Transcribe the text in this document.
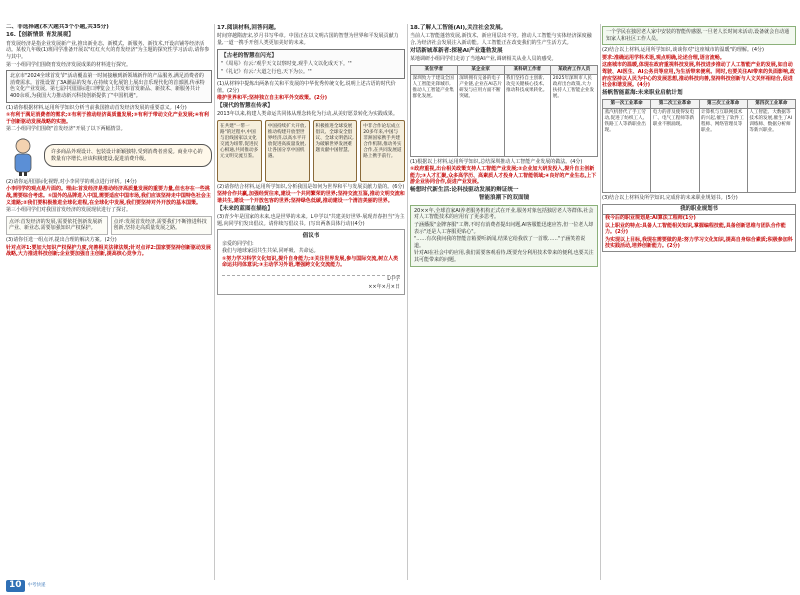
二、非选择题(本大题共3个小题,共35分)
16.【创新情景 育发展观】

育发展经济是指企业发展新产业,推出新业态、新模式、新服务、新技术,开设店铺等经济活动。某校九年级(1)班同学准备开展以"红红火火的育发经济"为主题的探究性学习活动,请你参与其中。

第一小组同学们围绕育发经济发展成果的材料进行探究。

北京市"2024全球首发节"活动覆盖第一时间接触到新领域新作的产品服务,满足消费者的消费需求。首批设置了3A潮品的发布,在持续文化展馆上展出音乐现代化的首部剧,传承特色文化产业发展。第七届中国国际进口博览会上共发布首发新品、新技术、新服务共计400余项,为我国大力推动新兴科技创新提供了"中国机遇"。

(1)请你根据材料,运用所学知识分析当前我国推动首发经济发展的重要意义。(4分)

①有利于满足消费者的需求;②有利于推动经济高质量发展;③有利于带动文化产业发展;④有利于创新驱动发展战略的实施。

第二小组同学们围绕"首发经济"开展了以下两幅情景。

许多商品外观设计、包装设计新颖独特,受到消费者喜爱。商业中心的数量有序增长,应该积极建设,促进消费升级。

(2)请你运用国际化视野,对小李同学的观点进行评析。(4分)

小李同学的观点是片面的。理由:首发经济是推动经济高质量发展的重要力量,但也存在一些挑战,需要综合考虑。①国外的品牌进入中国,需要适应中国市场,我们应该坚持走中国特色社会主义道路;②我们要积极推进全球化进程,在全球化中发展,我们要坚持对外开放的基本国策。

第三小组同学们对我国首发经济的发展现状进行了探讨。

点评:首发经济的发展,需要依托创新发展新产业、新业态,需要加强知识产权保护。
点评:发展首发经济,需要我们不断推进科技创新,坚持走高质量发展之路。

(3)请你任选一组点评,提出合理的解决方案。(2分)

针对点评1:要加大知识产权保护力度,完善相关法律法规;针对点评2:国家要坚持创新驱动发展战略,大力推进科技创新;企业要加强自主创新,提高核心竞争力。

17.阅读材料,回答问题。

时间穿越隋唐宋,岁月书写华章。中国正在以文明古国的智慧为世界和平发展贡献力量,一道一携手开创人类更加美好的未来。

【古老的智慧在闪光】

"《周易》有云:'观乎天文以察时变,观乎人文以化成天下。'"

"《礼记》有云:'大道之行也,天下为公。'"

(1)从材料中提炼出两条有关和平发展的中华优秀传统文化,说明上述古语的时代价值。(2分)

维护世界和平;坚持独立自主和平外交政策。(2分)

【现代的智慧在传承】

2013年以来,构建人类命运共同体从理念转化为行动,从美好愿景转化为实践成果。

在共建"一带一路"的过程中,中国与沿线国家以文化交流为纽带,促进民心相通,共同推动多元文明交流互鉴。
中国持续扩大开放,推动构建开放型世界经济,以高水平开放促进高质量发展,让各国分享中国机遇。
积极推进全球发展倡议、全球安全倡议、全球文明倡议,为破解世界发展难题贡献中国智慧。
中非合作论坛成立20多年来,中国与非洲国家携手共建合作机制,推动务实合作,在共同发展道路上携手前行。

(2)请你结合材料,运用所学知识,分析我国是如何为世界和平与发展贡献力量的。(6分)

坚持合作共赢,加强经贸往来,建设一个共同繁荣的世界;坚持交流互鉴,推动文明交流和谐共生,建设一个开放包容的世界;坚持绿色低碳,推动建设一个清洁美丽的世界。

【未来的蓝图在描绘】

(3)青少年是国家的未来,也是世界的未来。L中学以"共建美好世界·展现青春担当"为主题,向同学们发出倡议。请你续写倡议书。(写出两条具体行动)(4分)

倡议书

亲爱的同学们:

我们与地球家园共生共荣,同呼吸、共命运。

①努力学习科学文化知识,提升自身能力;②关注世界发展,参与国际交流,树立人类命运共同体意识;③主动学习外语,增强跨文化交流能力。

L中学

××年×月×日

18.了解人工智能(AI),关注社会发展。

当前人工智能蓬勃发展,新技术、新应用层出不穷。推动人工智能与实体经济深度融合,为经济社会发展注入新动能。人工智能正在改变我们的生产生活方式。

对话新城革新者:探秘AI产业蓬勃发展

某地调研小组同学们走访了当地AI产业,调研相关从业人员的感受。

某位学者	某企业家	某科研工作者	某政府工作人员
深圳致力于建设全国人工智能先锋城市,推动人工智能产业集群化发展。	深圳拥有完备的电子产业链,企业在AI芯片研发与应用方面不断突破。	我们坚持自主创新,攻克关键核心技术,推动科技成果转化。	2025年深圳市人民政府出台政策,大力扶持人工智能企业发展。

(1)根据以上材料,运用所学知识,总结深圳推动人工智能产业发展的做法。(4分)

①政府重视,出台相关政策支持人工智能产业发展;②企业加大研发投入,提升自主创新能力;③人才汇聚,众多高学历、高素质人才投身人工智能领域;④良好的产业生态,上下游企业协同合作,促进产业发展。

畅想时代新生活:论科技驱动发展的辩证统一
智能浪潮下的双面镜

20××年,全球首家AI养老服务机构正式在开业,服务对象包括独居老人等群体,社会对人工智能技术的应用有了更多思考。

子涵播报"金牌客服"工牌,不时有消费者提出问题,AI客服能迅速应答,但一位老人却表示"还是人工客服更贴心"。

"……有次我问我的智能音箱要听新闻,结果它给我放了一首歌……"子涵笑着说道。

针对AI在社会中的应用,我们需要客观看待,既要充分利用技术带来的便利,也要关注其可能带来的问题。

一个学民在独居老人家中安装的智能传感器,一旦老人长时间未活动,设备就会自动通知家人和社区工作人员。

(2)结合以上材料,运用所学知识,谈谈你对"这座城市的温暖"的理解。(4分)

要求:准确运用学科术语,观点明确,论述合理,语言流畅。

这座城市的温暖,体现在政府重视科技发展,科技进步推动了人工智能产业的发展,如自动驾驶、AI医生、AI公务员等应用,为生活带来便利。同时,也要关注AI带来的负面影响,政府应坚持以人民为中心的发展思想,推动科技向善,坚持科技创新与人文关怀相结合,促进社会和谐发展。(4分)

扬帆智能蓝海:未来职业启航计划
第一次工业革命	第二次工业革命	第三次工业革命	第四次工业革命
蒸汽机替代了手工劳动,促进了纺织工人、铁路工人等新职业出现。	电力的普及使得发电厂、电气工程师等新职业不断涌现。	计算机与互联网技术的兴起,催生了软件工程师、网络管理员等职业。	人工智能、大数据等技术的发展,催生了AI训练师、数据分析师等新兴职业。

(3)结合以上材料及所学知识,完成你的未来职业规划书。(5分)

我的职业规划书

我今后的职业规划是:AI算法工程师(1分)

以上职业的特点:具备人工智能相关知识,掌握编程技能,具备创新思维与团队合作能力。(2分)

为实现以上目标,我现在需要做的是:努力学习文化知识,提高自身综合素质;积极参加科技实践活动,培养创新能力。(2分)

10	中考快递
